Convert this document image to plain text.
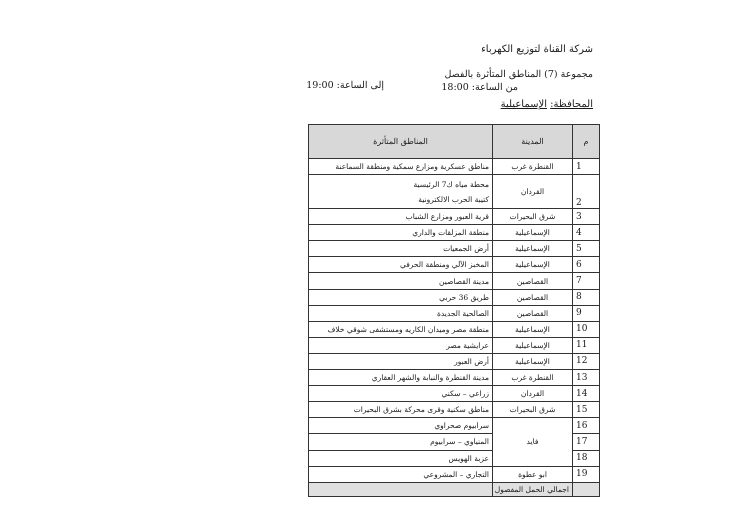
شركة القناة لتوزيع الكهرباء
مجموعة (7) المناطق المتأثرة بالفصل
من الساعة: 18:00
إلى الساعة: 19:00
المحافظة: الإسماعيلية
م	المدينة	المناطق المتأثرة
1	القنطرة غرب	مناطق عسكرية ومزارع سمكية ومنطقة السماعنة
2	القردان	محطة مياه ك7 الرئيسية
كتيبة الحرب الالكترونية

3	شرق البحيرات	قرية العبور ومزارع الشباب
4	الإسماعيلية	منطقة المزلقات والداري
5	الإسماعيلية	أرض الجمعيات
6	الإسماعيلية	المخبز الآلي ومنطقة الحرفي
7	القصاصين	مدينة القصاصين
8	القصاصين	طريق 36 حربي
9	القصاصين	الصالحية الجديدة
10	الإسماعيلية	منطقة مصر وميدان الكاريه ومستشفى شوقي خلاف
11	الإسماعيلية	عرايشية مصر
12	الإسماعيلية	أرض العبور
13	القنطرة غرب	مدينة القنطرة والنبابة والشهر العقاري
14	القردان	زراعي – سكني
15	شرق البحيرات	مناطق سكنية وقرى محركة بشرق البحيرات
16	فايد	سرابيوم صحراوي
17		المنياوي – سرابيوم
18		عزبة الهويس
19	ابو عطوة	التجاري – المشروعي
	اجمالي الحمل المفصول	
